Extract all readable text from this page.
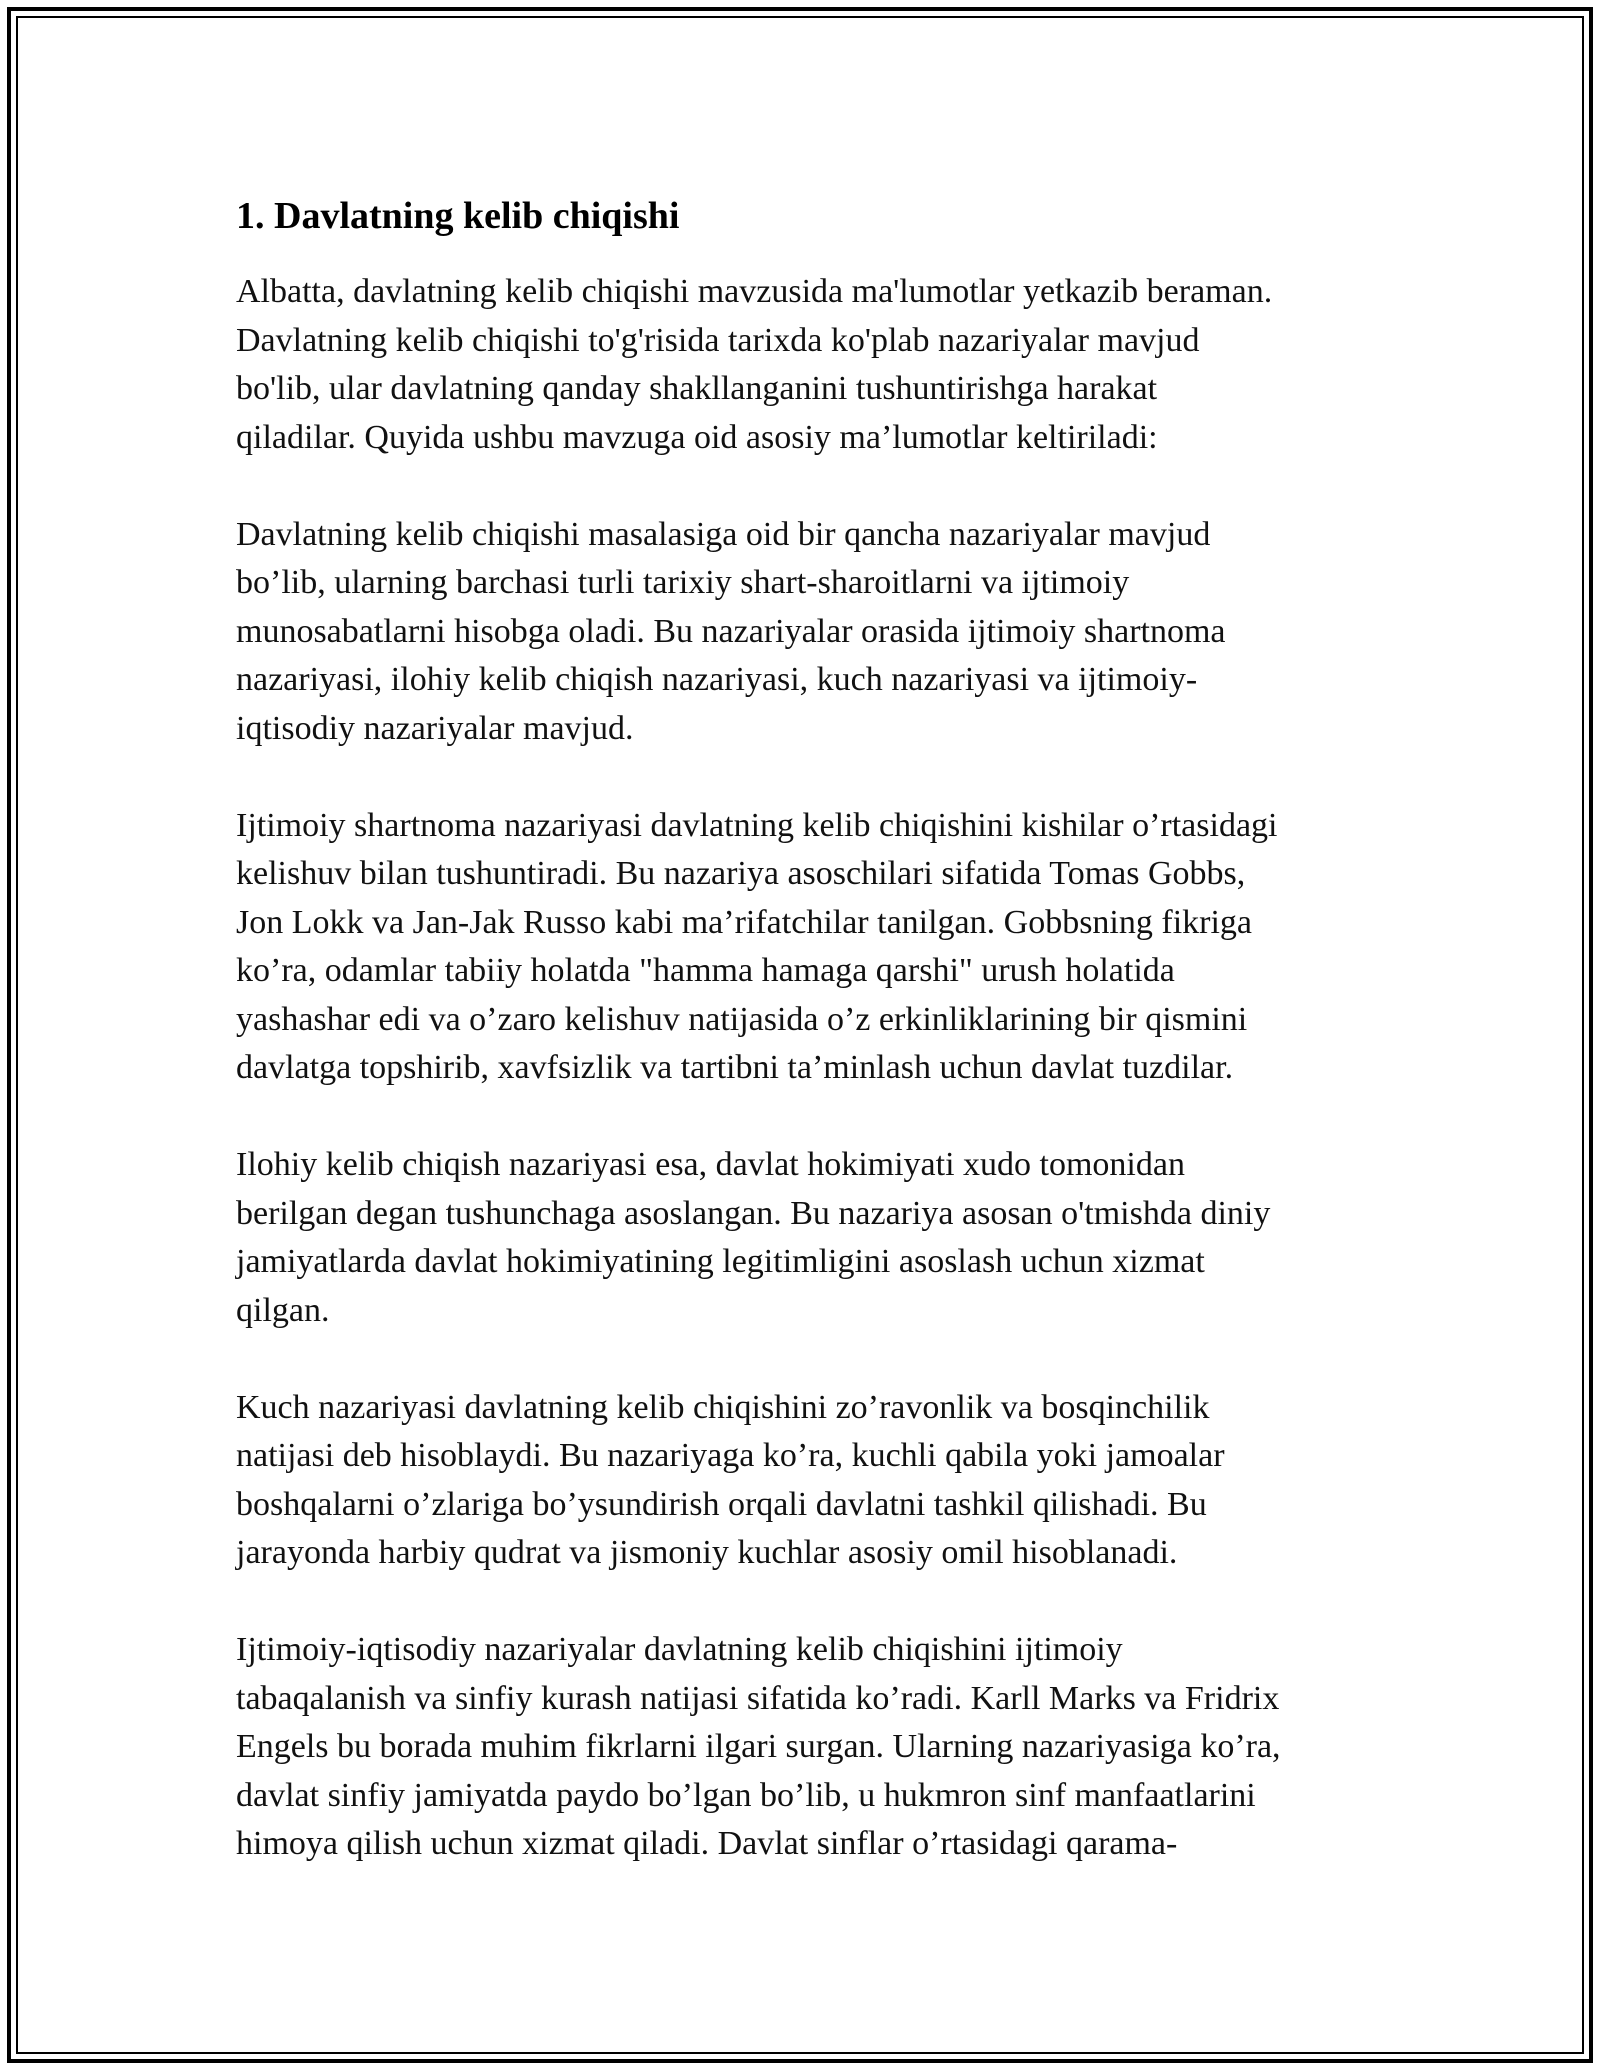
1. Davlatning kelib chiqishi

Albatta, davlatning kelib chiqishi mavzusida ma'lumotlar yetkazib beraman.
Davlatning kelib chiqishi to'g'risida tarixda ko'plab nazariyalar mavjud
bo'lib, ular davlatning qanday shakllanganini tushuntirishga harakat
qiladilar. Quyida ushbu mavzuga oid asosiy ma’lumotlar keltiriladi:

Davlatning kelib chiqishi masalasiga oid bir qancha nazariyalar mavjud
bo’lib, ularning barchasi turli tarixiy shart-sharoitlarni va ijtimoiy
munosabatlarni hisobga oladi. Bu nazariyalar orasida ijtimoiy shartnoma
nazariyasi, ilohiy kelib chiqish nazariyasi, kuch nazariyasi va ijtimoiy-
iqtisodiy nazariyalar mavjud.

Ijtimoiy shartnoma nazariyasi davlatning kelib chiqishini kishilar o’rtasidagi
kelishuv bilan tushuntiradi. Bu nazariya asoschilari sifatida Tomas Gobbs,
Jon Lokk va Jan-Jak Russo kabi ma’rifatchilar tanilgan. Gobbsning fikriga
ko’ra, odamlar tabiiy holatda "hamma hamaga qarshi" urush holatida
yashashar edi va o’zaro kelishuv natijasida o’z erkinliklarining bir qismini
davlatga topshirib, xavfsizlik va tartibni ta’minlash uchun davlat tuzdilar.

Ilohiy kelib chiqish nazariyasi esa, davlat hokimiyati xudo tomonidan
berilgan degan tushunchaga asoslangan. Bu nazariya asosan o'tmishda diniy
jamiyatlarda davlat hokimiyatining legitimligini asoslash uchun xizmat
qilgan.

Kuch nazariyasi davlatning kelib chiqishini zo’ravonlik va bosqinchilik
natijasi deb hisoblaydi. Bu nazariyaga ko’ra, kuchli qabila yoki jamoalar
boshqalarni o’zlariga bo’ysundirish orqali davlatni tashkil qilishadi. Bu
jarayonda harbiy qudrat va jismoniy kuchlar asosiy omil hisoblanadi.

Ijtimoiy-iqtisodiy nazariyalar davlatning kelib chiqishini ijtimoiy
tabaqalanish va sinfiy kurash natijasi sifatida ko’radi. Karll Marks va Fridrix
Engels bu borada muhim fikrlarni ilgari surgan. Ularning nazariyasiga ko’ra,
davlat sinfiy jamiyatda paydo bo’lgan bo’lib, u hukmron sinf manfaatlarini
himoya qilish uchun xizmat qiladi. Davlat sinflar o’rtasidagi qarama-
